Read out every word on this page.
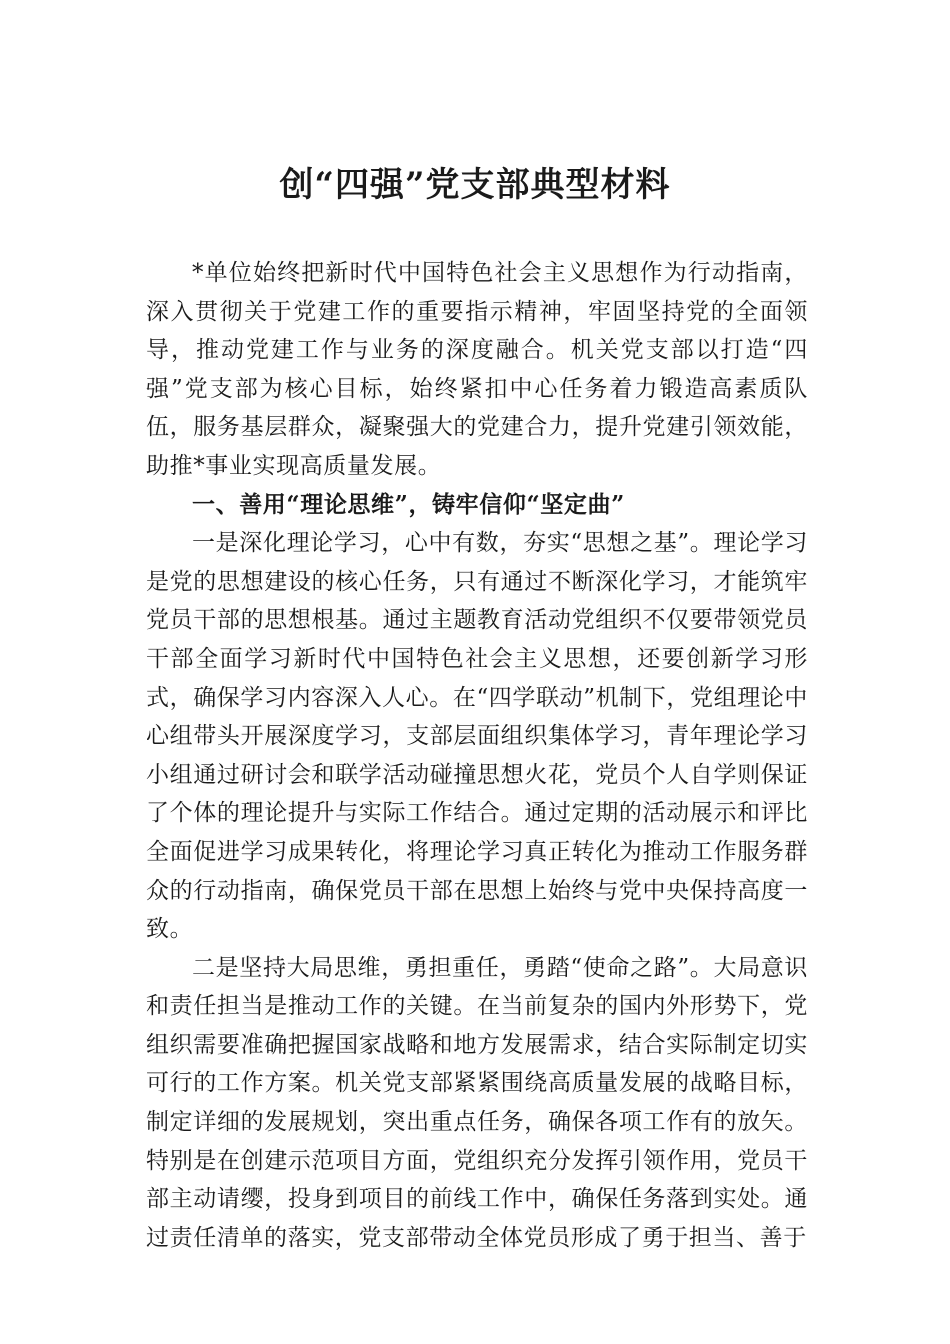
创“四强”党支部典型材料

*单位始终把新时代中国特色社会主义思想作为行动指南，深入贯彻关于党建工作的重要指示精神，牢固坚持党的全面领导，推动党建工作与业务的深度融合。机关党支部以打造“四强”党支部为核心目标，始终紧扣中心任务着力锻造高素质队伍，服务基层群众，凝聚强大的党建合力，提升党建引领效能，助推*事业实现高质量发展。

一、善用“理论思维”，铸牢信仰“坚定曲”

一是深化理论学习，心中有数，夯实“思想之基”。理论学习是党的思想建设的核心任务，只有通过不断深化学习，才能筑牢党员干部的思想根基。通过主题教育活动党组织不仅要带领党员干部全面学习新时代中国特色社会主义思想，还要创新学习形式，确保学习内容深入人心。在“四学联动”机制下，党组理论中心组带头开展深度学习，支部层面组织集体学习，青年理论学习小组通过研讨会和联学活动碰撞思想火花，党员个人自学则保证了个体的理论提升与实际工作结合。通过定期的活动展示和评比全面促进学习成果转化，将理论学习真正转化为推动工作服务群众的行动指南，确保党员干部在思想上始终与党中央保持高度一致。

二是坚持大局思维，勇担重任，勇踏“使命之路”。大局意识和责任担当是推动工作的关键。在当前复杂的国内外形势下，党组织需要准确把握国家战略和地方发展需求，结合实际制定切实可行的工作方案。机关党支部紧紧围绕高质量发展的战略目标，制定详细的发展规划，突出重点任务，确保各项工作有的放矢。特别是在创建示范项目方面，党组织充分发挥引领作用，党员干部主动请缨，投身到项目的前线工作中，确保任务落到实处。通过责任清单的落实，党支部带动全体党员形成了勇于担当、善于
